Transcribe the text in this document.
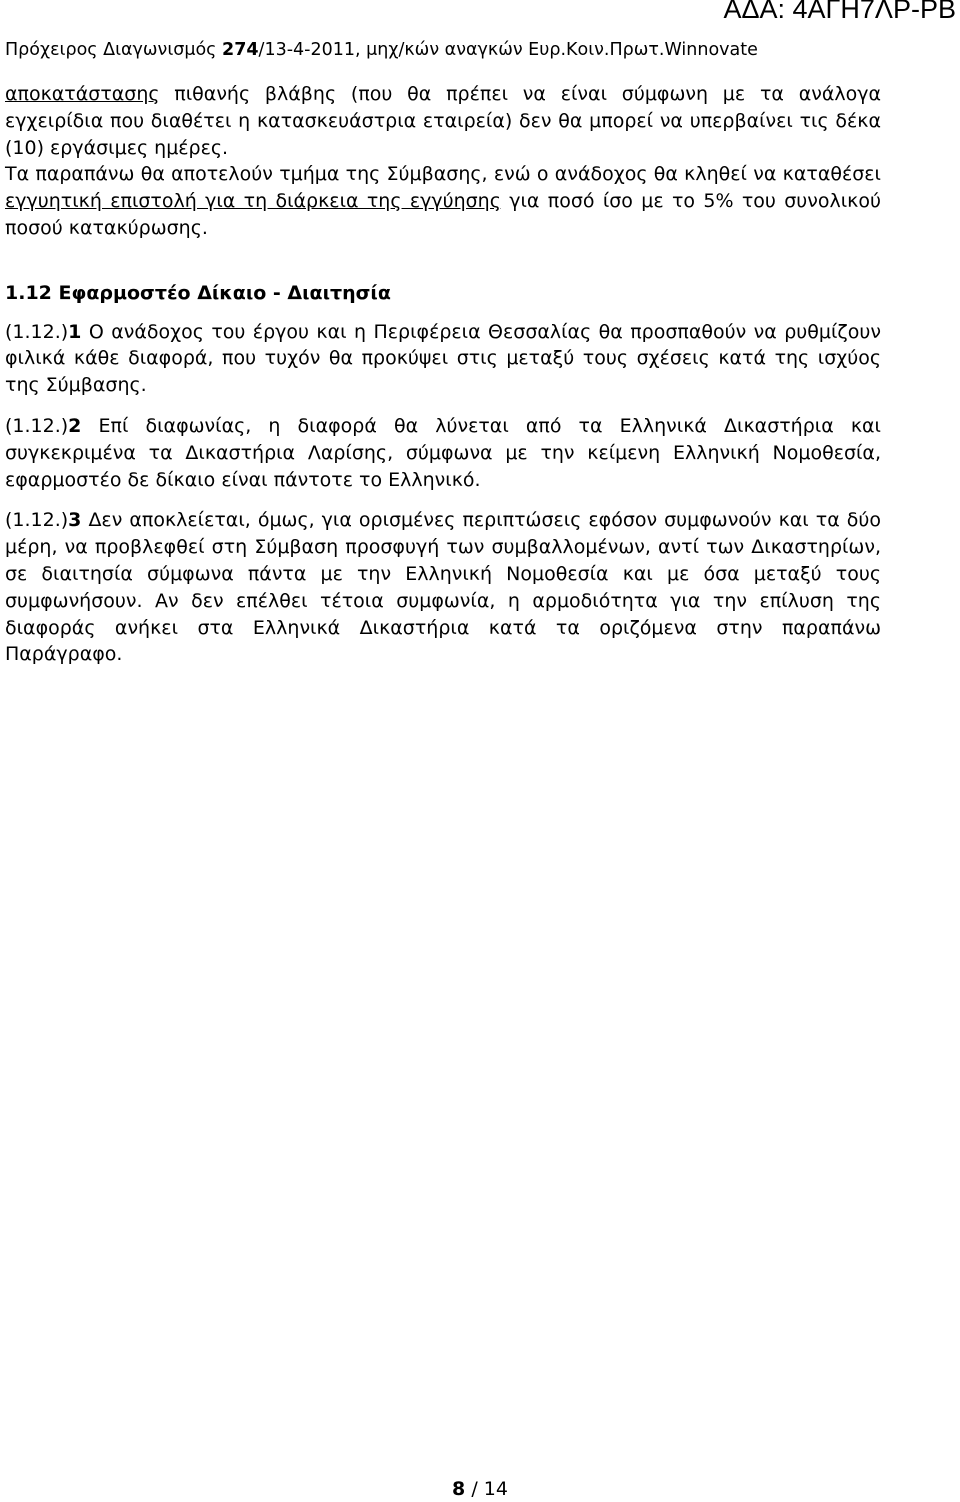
ΑΔΑ: 4ΑΓΗ7ΛΡ-ΡΒ
Πρόχειρος Διαγωνισμός 274/13-4-2011, μηχ/κών αναγκών Ευρ.Κοιν.Πρωτ.Winnovate

αποκατάστασης πιθανής βλάβης (που θα πρέπει να είναι σύμφωνη με τα ανάλογα εγχειρίδια που διαθέτει η κατασκευάστρια εταιρεία) δεν θα μπορεί να υπερβαίνει τις δέκα (10) εργάσιμες ημέρες.

Τα παραπάνω θα αποτελούν τμήμα της Σύμβασης, ενώ ο ανάδοχος θα κληθεί να καταθέσει εγγυητική επιστολή για τη διάρκεια της εγγύησης για ποσό ίσο με το 5% του συνολικού ποσού κατακύρωσης.

1.12 Εφαρμοστέο Δίκαιο - Διαιτησία

(1.12.)1 Ο ανάδοχος του έργου και η Περιφέρεια Θεσσαλίας θα προσπαθούν να ρυθμίζουν φιλικά κάθε διαφορά, που τυχόν θα προκύψει στις μεταξύ τους σχέσεις κατά της ισχύος της Σύμβασης.

(1.12.)2 Επί διαφωνίας, η διαφορά θα λύνεται από τα Ελληνικά Δικαστήρια και συγκεκριμένα τα Δικαστήρια Λαρίσης, σύμφωνα με την κείμενη Ελληνική Νομοθεσία, εφαρμοστέο δε δίκαιο είναι πάντοτε το Ελληνικό.

(1.12.)3 Δεν αποκλείεται, όμως, για ορισμένες περιπτώσεις εφόσον συμφωνούν και τα δύο μέρη, να προβλεφθεί στη Σύμβαση προσφυγή των συμβαλλομένων, αντί των Δικαστηρίων, σε διαιτησία σύμφωνα πάντα με την Ελληνική Νομοθεσία και με όσα μεταξύ τους συμφωνήσουν. Αν δεν επέλθει τέτοια συμφωνία, η αρμοδιότητα για την επίλυση της διαφοράς ανήκει στα Ελληνικά Δικαστήρια κατά τα οριζόμενα στην παραπάνω Παράγραφο.

8 / 14
